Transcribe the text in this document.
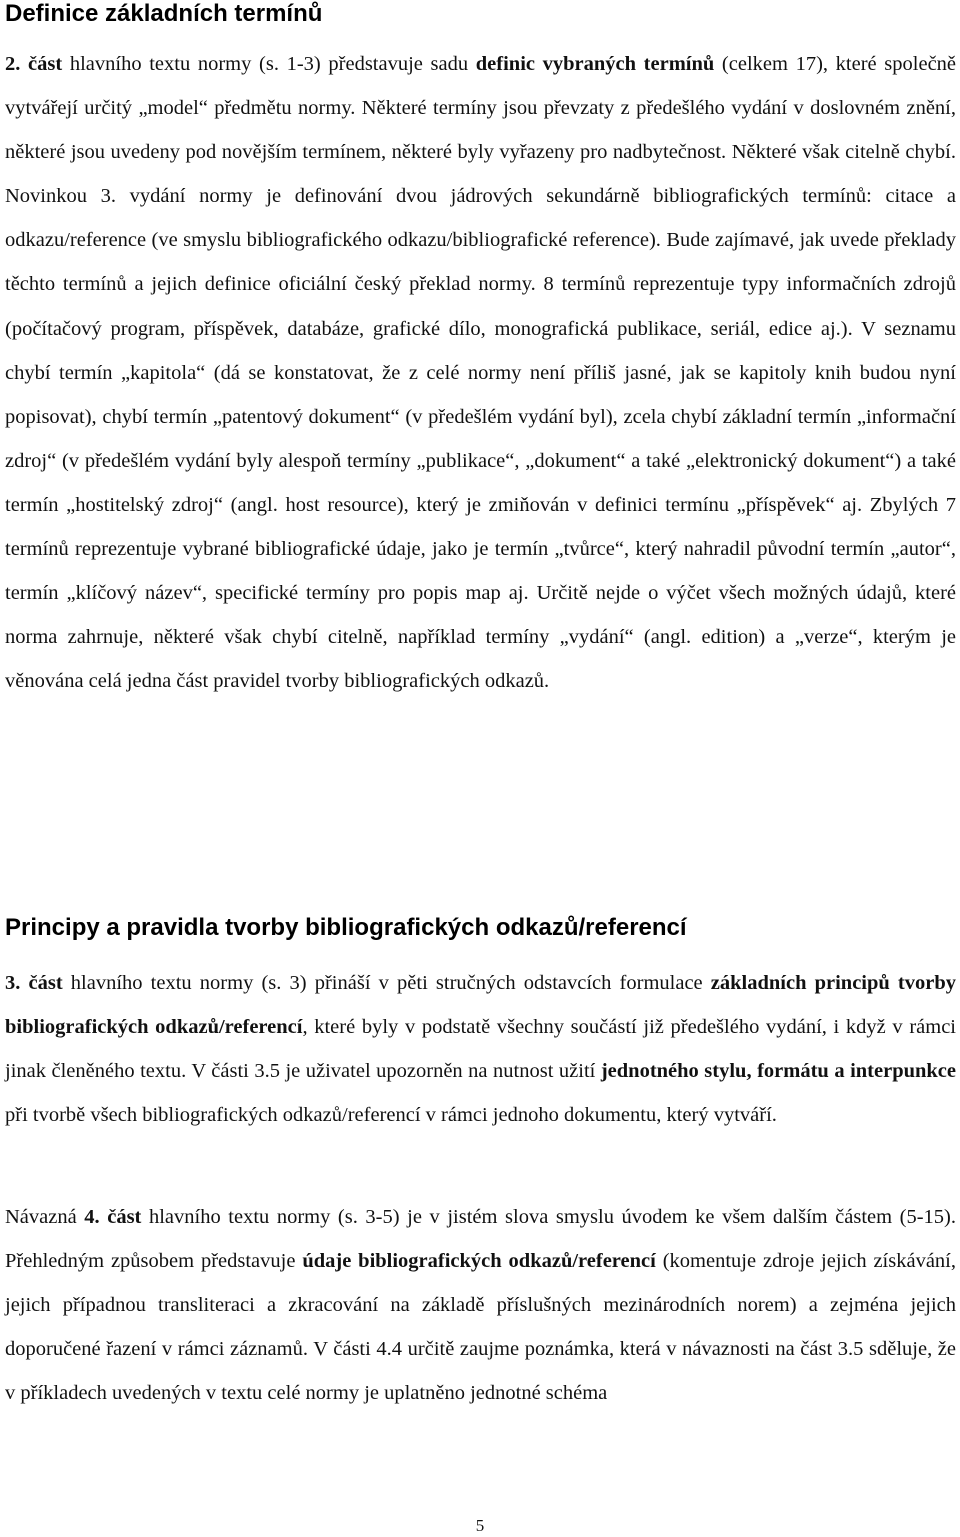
Definice základních termínů

2. část hlavního textu normy (s. 1-3) představuje sadu definic vybraných termínů (celkem 17), které společně vytvářejí určitý „model“ předmětu normy. Některé termíny jsou převzaty z předešlého vydání v doslovném znění, některé jsou uvedeny pod novějším termínem, některé byly vyřazeny pro nadbytečnost. Některé však citelně chybí. Novinkou 3. vydání normy je definování dvou jádrových sekundárně bibliografických termínů: citace a odkazu/reference (ve smyslu bibliografického odkazu/bibliografické reference). Bude zajímavé, jak uvede překlady těchto termínů a jejich definice oficiální český překlad normy. 8 termínů reprezentuje typy informačních zdrojů (počítačový program, příspěvek, databáze, grafické dílo, monografická publikace, seriál, edice aj.). V seznamu chybí termín „kapitola“ (dá se konstatovat, že z celé normy není příliš jasné, jak se kapitoly knih budou nyní popisovat), chybí termín „patentový dokument“ (v předešlém vydání byl), zcela chybí základní termín „informační zdroj“ (v předešlém vydání byly alespoň termíny „publikace“, „dokument“ a také „elektronický dokument“) a také termín „hostitelský zdroj“ (angl. host resource), který je zmiňován v definici termínu „příspěvek“ aj. Zbylých 7 termínů reprezentuje vybrané bibliografické údaje, jako je termín „tvůrce“, který nahradil původní termín „autor“, termín „klíčový název“, specifické termíny pro popis map aj. Určitě nejde o výčet všech možných údajů, které norma zahrnuje, některé však chybí citelně, například termíny „vydání“ (angl. edition) a „verze“, kterým je věnována celá jedna část pravidel tvorby bibliografických odkazů.

Principy a pravidla tvorby bibliografických odkazů/referencí

3. část hlavního textu normy (s. 3) přináší v pěti stručných odstavcích formulace základních principů tvorby bibliografických odkazů/referencí, které byly v podstatě všechny součástí již předešlého vydání, i když v rámci jinak členěného textu. V části 3.5 je uživatel upozorněn na nutnost užití jednotného stylu, formátu a interpunkce při tvorbě všech bibliografických odkazů/referencí v rámci jednoho dokumentu, který vytváří.

Návazná 4. část hlavního textu normy (s. 3-5) je v jistém slova smyslu úvodem ke všem dalším částem (5-15). Přehledným způsobem představuje údaje bibliografických odkazů/referencí (komentuje zdroje jejich získávání, jejich případnou transliteraci a zkracování na základě příslušných mezinárodních norem) a zejména jejich doporučené řazení v rámci záznamů. V části 4.4 určitě zaujme poznámka, která v návaznosti na část 3.5 sděluje, že v příkladech uvedených v textu celé normy je uplatněno jednotné schéma

5
